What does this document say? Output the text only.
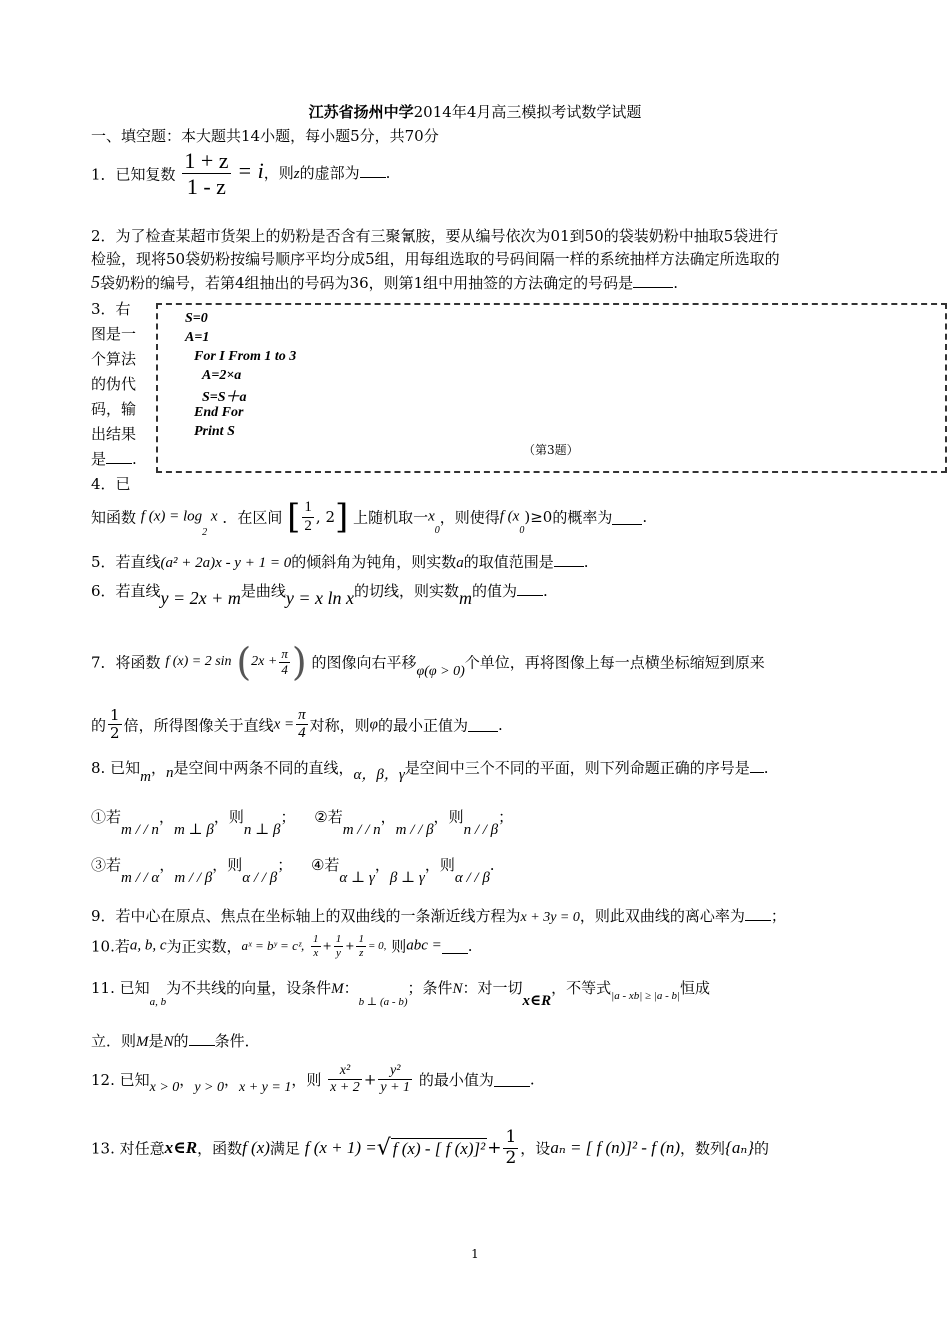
江苏省扬州中学2014年4月高三模拟考试数学试题
一、填空题：本大题共14小题，每小题5分，共70分
1．已知复数 $\frac{1 + z}{1 - z} = i$，则z的虚部为 .
2．为了检查某超市货架上的奶粉是否含有三聚氰胺，要从编号依次为01到50的袋装奶粉中抽取5袋进行
检验，现将50袋奶粉按编号顺序平均分成5组，用每组选取的号码间隔一样的系统抽样方法确定所选取的
5袋奶粉的编号，若第4组抽出的号码为36，则第1组中用抽签的方法确定的号码是	.
3．右
图是一
个算法
的伪代
码，输
出结果
是 .
4．已
S=0
A=1
For I From 1 to 3
A=2×a
S=S＋a
End For
Print S
（第3题）
知函数 f $(x) = \log_2 x$ ．在区间 [ $\frac{1}{2}$ , 2] 上随机取一$x_0$，则使得f $(x_0)\ge 0$的概率为 .
5．若直线(a² + 2a)x - y + 1 = 0的倾斜角为钝角，则实数a的取值范围是 .
6．若直线y = 2x + m是曲线y = x ln x的切线，则实数m的值为 .
7．将函数 f (x) = 2 $\sin (2x + \frac{\pi}{4}$ ) 的图像向右平移φ(φ > 0)个单位，再将图像上每一点横坐标缩短到原来
的 $\frac{1}{2}$ 倍，所得图像关于直线$x = \frac{\pi}{4}$ 对称，则φ的最小正值为 .
8. 已知m，n是空间中两条不同的直线，α，β，γ是空间中三个不同的平面，则下列命题正确的序号是 .
①若m / / n，m ⊥ β，则n ⊥ β； ②若m / / n，m / / β，则n / / β；
③若m / / α，m / / β，则α / / β； ④若α ⊥ γ，β ⊥ γ，则α / / β.
9．若中心在原点、焦点在坐标轴上的双曲线的一条渐近线方程为x + 3y = 0，则此双曲线的离心率为 ；
10.若a, b, c为正实数，aˣ = bʸ = cᶻ, $\frac{1}{x} + \frac{1}{y} + \frac{1}{z} = 0$, 则abc = .
11. 已知$_{a, b}$为不共线的向量，设条件M：$_{b \perp (a - b)}$；条件N：对一切x∈R，不等式$_{|a - xb| \ge |a - b|}$恒成
立．则M是N的 条件．
12. 已知x > 0，y > 0，x + y = 1，则 $\frac{\text{x²}}{x + 2} + \frac{\text{y²}}{y + 1}$ 的最小值为 .
13. 对任意x∈R，函数f (x)满足 f (x + 1) =√ f (x) - [ f $(x)]^2 + \frac{1}{2}$ ，设aₙ = [ f (n)]² - f (n)，数列{aₙ}的
1
